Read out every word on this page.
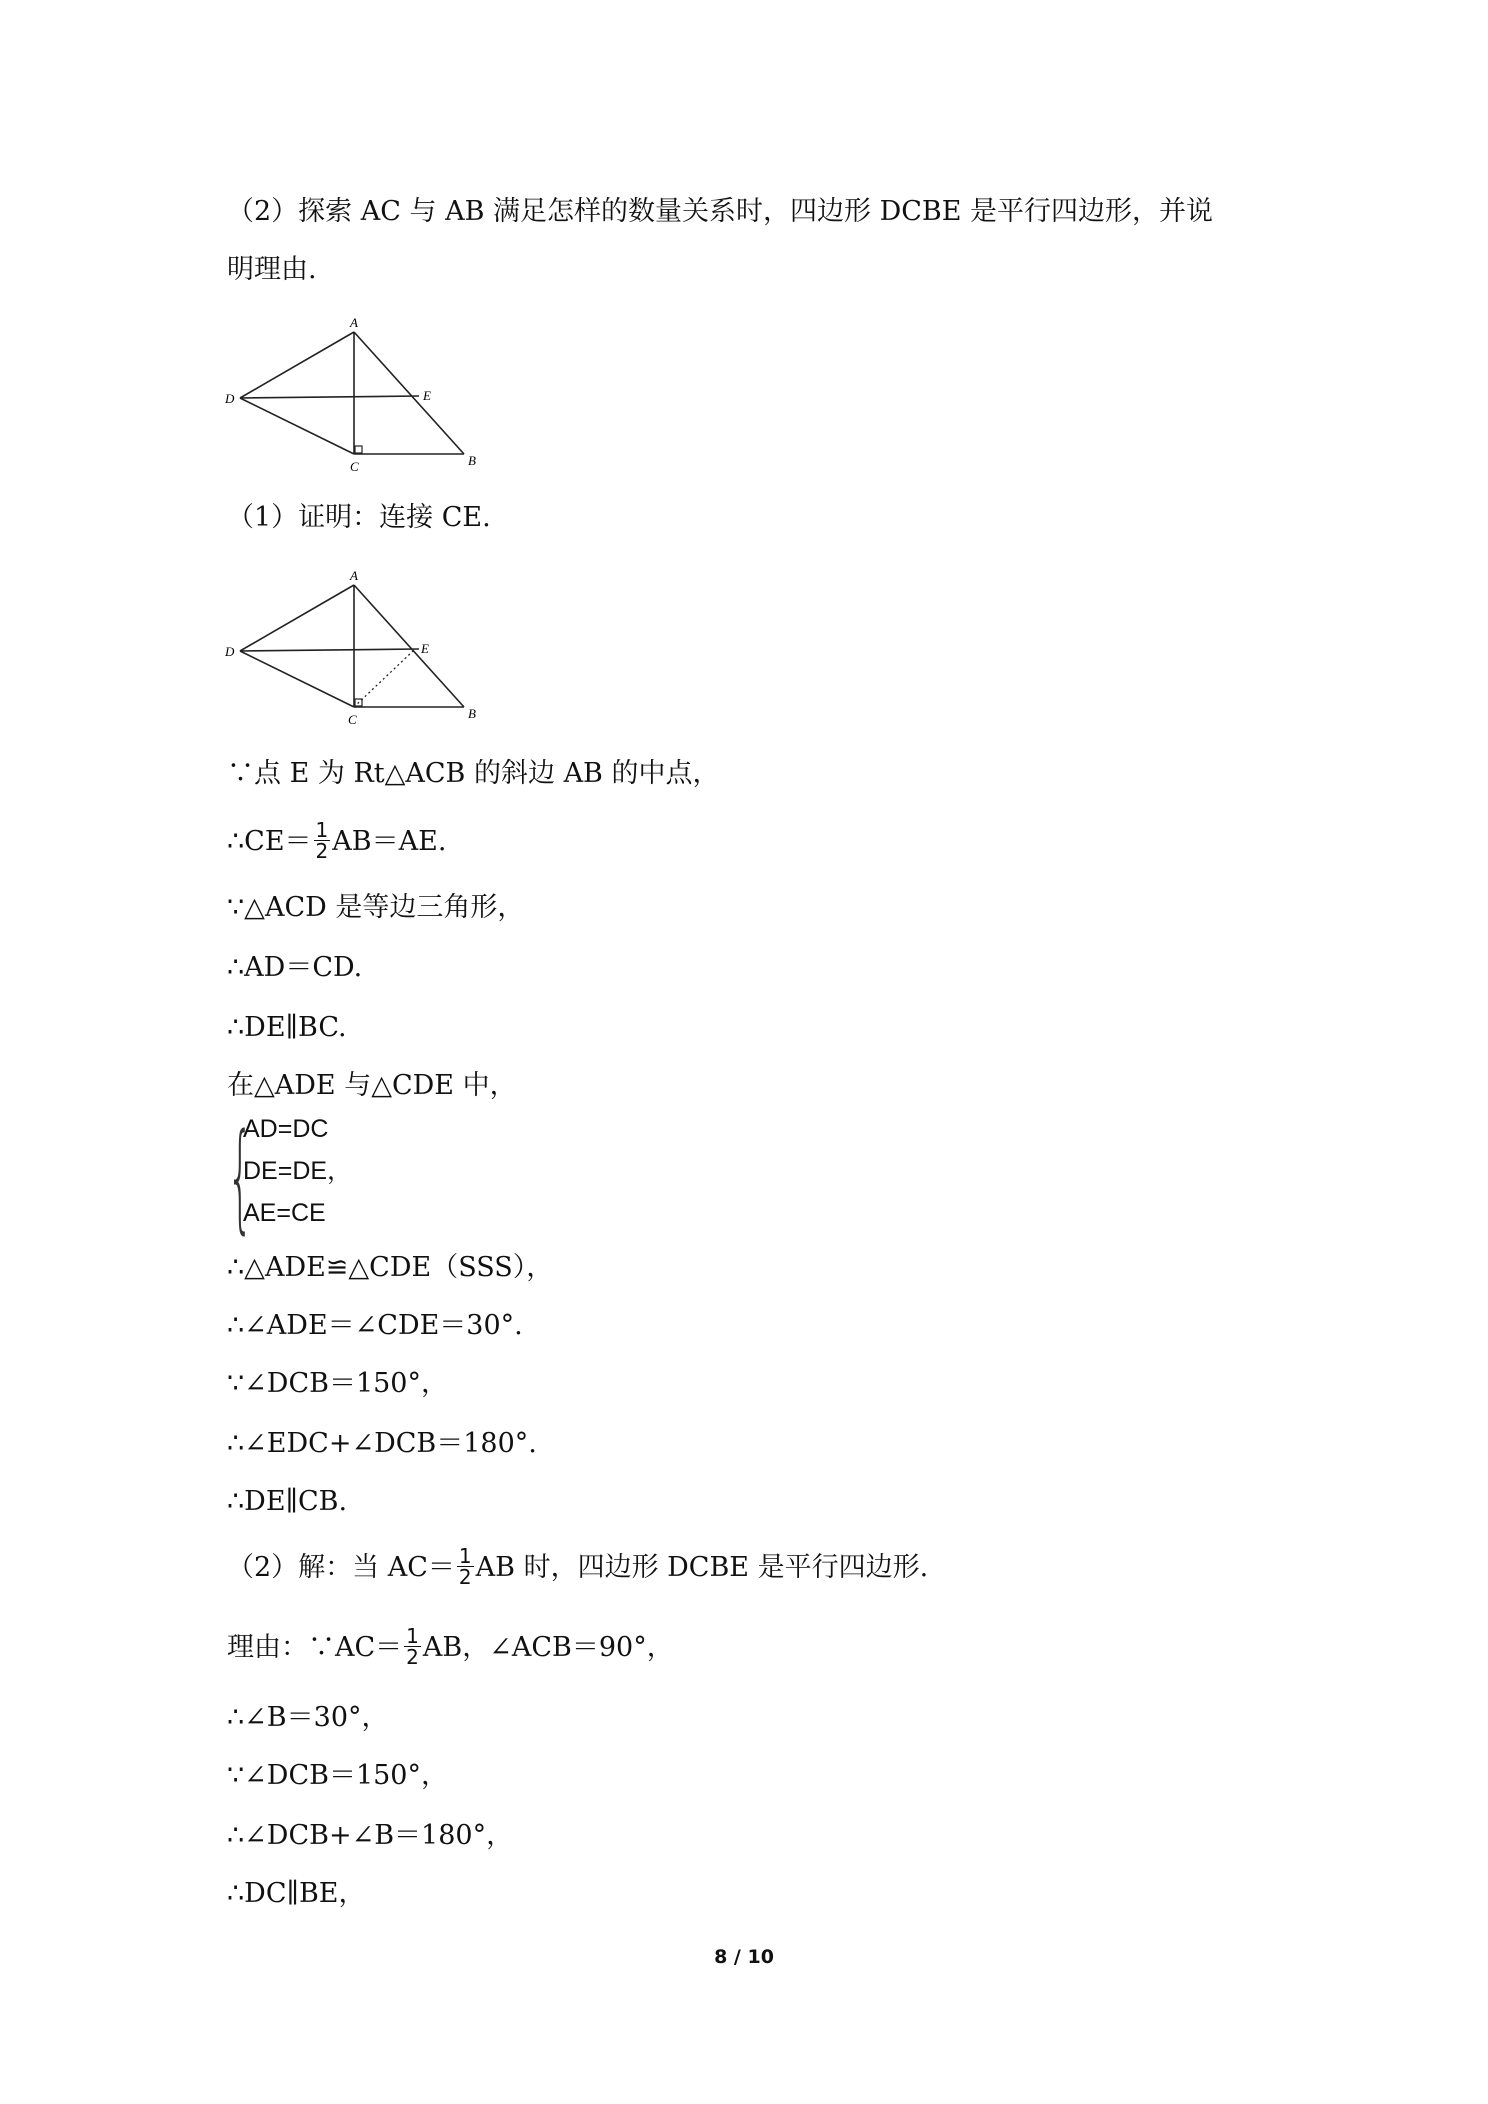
（2）探索 AC 与 AB 满足怎样的数量关系时，四边形 DCBE 是平行四边形，并说
明理由.
A
D	E
C	B
（1）证明：连接 CE.
A
D	E
C	B
∵点 E 为 Rt△ACB 的斜边 AB 的中点，
∴CE＝ $\frac{1}{2} AB=AE$.
∵△ACD 是等边三角形，
∴AD＝CD.
∴DE∥BC.
在△ADE 与△CDE 中，
{
AD=DC
DE=DE，
AE=CE
∴△ADE≌△CDE（SSS），
∴∠ADE＝∠CDE＝30°.
∵∠DCB＝150°，
∴∠EDC+∠DCB＝180°.
∴DE∥CB.
（2）解：当 $AC= \frac{1}{2}$ AB 时，四边形 DCBE 是平行四边形.
理由：∵AC＝ $\frac{1}{2}$ AB，∠ACB＝90°，
∴∠B＝30°，
∵∠DCB＝150°，
∴∠DCB+∠B＝180°，
∴DC∥BE，
8 / 10
